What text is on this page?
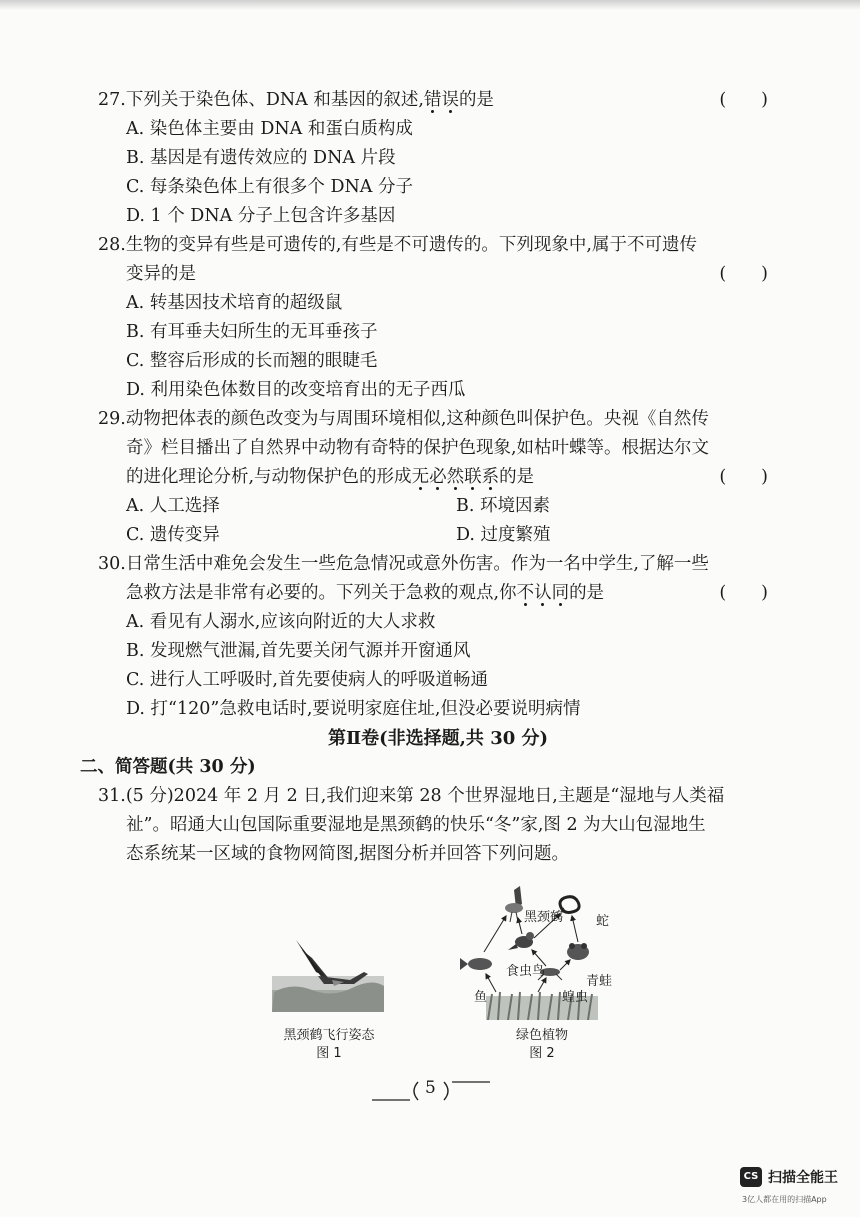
27.下列关于染色体、DNA 和基因的叙述,错误的是	(　　)
A. 染色体主要由 DNA 和蛋白质构成
B. 基因是有遗传效应的 DNA 片段
C. 每条染色体上有很多个 DNA 分子
D. 1 个 DNA 分子上包含许多基因
28.生物的变异有些是可遗传的,有些是不可遗传的。下列现象中,属于不可遗传
变异的是	(　　)
A. 转基因技术培育的超级鼠
B. 有耳垂夫妇所生的无耳垂孩子
C. 整容后形成的长而翘的眼睫毛
D. 利用染色体数目的改变培育出的无子西瓜
29.动物把体表的颜色改变为与周围环境相似,这种颜色叫保护色。央视《自然传
奇》栏目播出了自然界中动物有奇特的保护色现象,如枯叶蝶等。根据达尔文
的进化理论分析,与动物保护色的形成无必然联系的是	(　　)
A. 人工选择	B. 环境因素
C. 遗传变异	D. 过度繁殖
30.日常生活中难免会发生一些危急情况或意外伤害。作为一名中学生,了解一些
急救方法是非常有必要的。下列关于急救的观点,你不认同的是	(　　)
A. 看见有人溺水,应该向附近的大人求救
B. 发现燃气泄漏,首先要关闭气源并开窗通风
C. 进行人工呼吸时,首先要使病人的呼吸道畅通
D. 打“120”急救电话时,要说明家庭住址,但没必要说明病情
第Ⅱ卷(非选择题,共 30 分)
二、简答题(共 30 分)
31.(5 分)2024 年 2 月 2 日,我们迎来第 28 个世界湿地日,主题是“湿地与人类福
祉”。昭通大山包国际重要湿地是黑颈鹤的快乐“冬”家,图 2 为大山包湿地生
态系统某一区域的食物网简图,据图分析并回答下列问题。
黑颈鹤飞行姿态
图 1
黑颈鹤	蛇
食虫鸟
青蛙
鱼	蝗虫
绿色植物
图 2
5
CS 扫描全能王
3亿人都在用的扫描App
